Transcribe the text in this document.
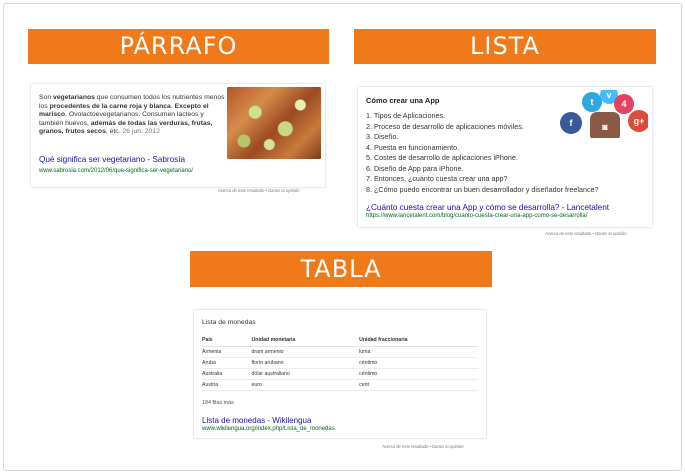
PÁRRAFO	LISTA
TABLA
Son vegetarianos que consumen todos los nutrientes menos los procedentes de la carne roja y blanca. Excepto el marisco. Ovolactoevegetarianos. Consumen lácteos y también huevos, además de todas las verduras, frutas, granos, frutos secos, etc. 26 jun. 2012
Qué significa ser vegetariano - Sabrosía
www.sabrosia.com/2012/06/que-significa-ser-vegetariano/
Acerca de este resultado • Danos tu opinión
Cómo crear una App
1. Tipos de Aplicaciones.
2. Proceso de desarrollo de aplicaciones móviles.
3. Diseño.
4. Puesta en funcionamiento.
5. Costes de desarrollo de aplicaciones iPhone.
6. Diseño de App para iPhone.
7. Entonces, ¿cuánto cuesta crear una app?
8. ¿Cómo puedo encontrar un buen desarrollador y diseñador freelance?
f
t
v
4
g+
◙
¿Cuánto cuesta crear una App y cómo se desarrolla? - Lancetalent
https://www.lancetalent.com/blog/cuanto-cuesta-crear-una-app-como-se-desarrolla/
Acerca de este resultado • Danos tu opinión
Lista de monedas
País	Unidad monetaria	Unidad fraccionaria
Armenia	dram armenio	luma
Aruba	florín arubano	céntimo
Australia	dólar australiano	céntimo
Austria	euro	cent
184 filas más
Lista de monedas - Wikilengua
www.wikilengua.org/index.php/Lista_de_monedas
Acerca de este resultado • Danos tu opinión
